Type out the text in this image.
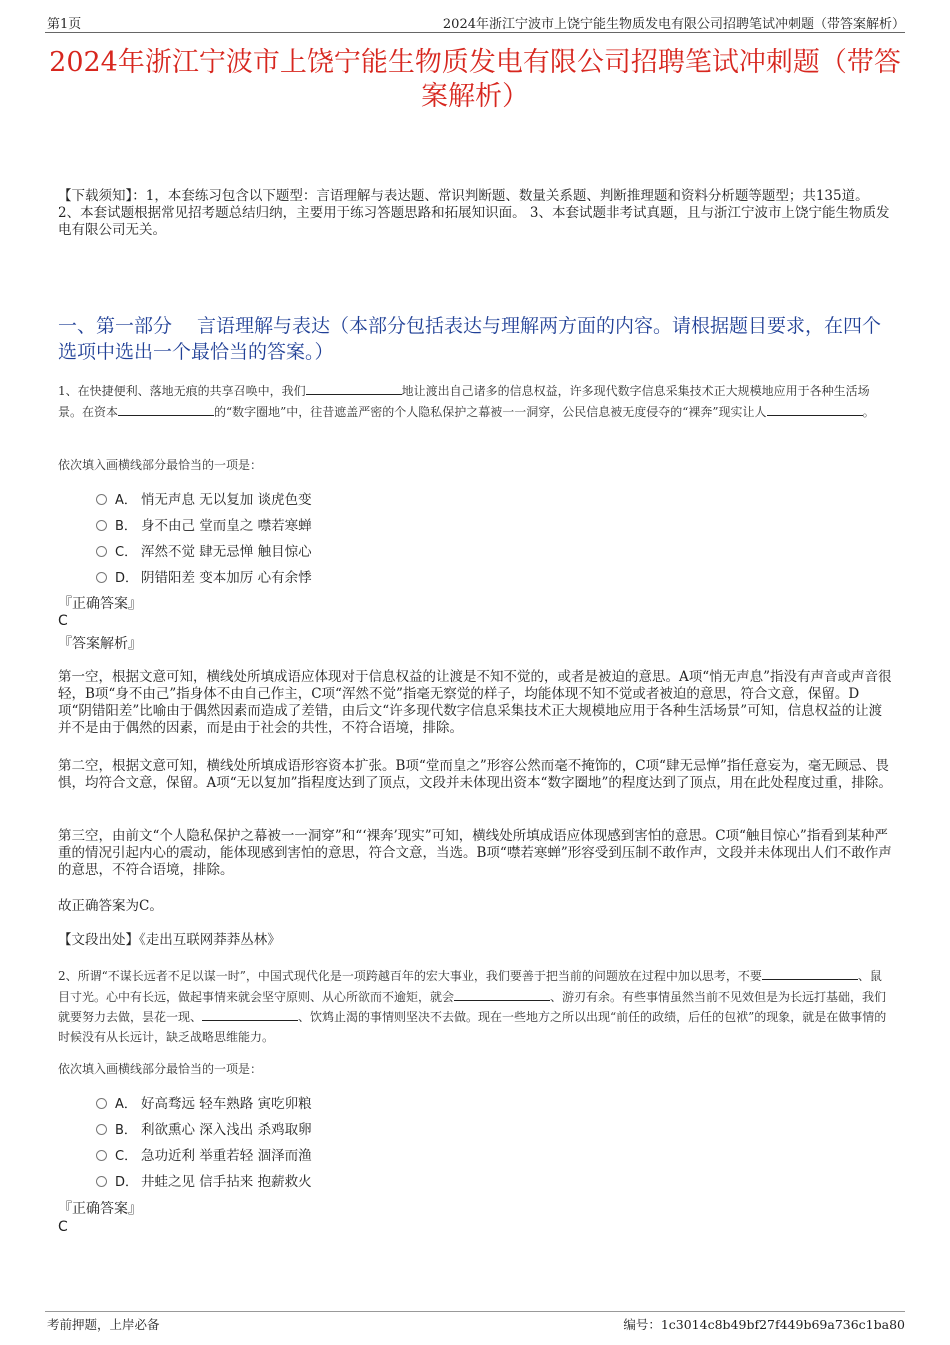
第1页	2024年浙江宁波市上饶宁能生物质发电有限公司招聘笔试冲刺题（带答案解析）
2024年浙江宁波市上饶宁能生物质发电有限公司招聘笔试冲刺题（带答案解析）

【下载须知】：1，本套练习包含以下题型：言语理解与表达题、常识判断题、数量关系题、判断推理题和资料分析题等题型；共135道。 2、本套试题根据常见招考题总结归纳，主要用于练习答题思路和拓展知识面。 3、本套试题非考试真题，且与浙江宁波市上饶宁能生物质发电有限公司无关。

一、第一部分　 言语理解与表达（本部分包括表达与理解两方面的内容。请根据题目要求，在四个选项中选出一个最恰当的答案。）

1、在快捷便利、落地无痕的共享召唤中，我们	地让渡出自己诸多的信息权益，许多现代数字信息采集技术正大规模地应用于各种生活场景。在资本	的“数字圈地”中，往昔遮盖严密的个人隐私保护之幕被一一洞穿，公民信息被无度侵夺的“裸奔”现实让人	。

依次填入画横线部分最恰当的一项是：

A． 悄无声息 无以复加 谈虎色变
B． 身不由己 堂而皇之 噤若寒蝉
C． 浑然不觉 肆无忌惮 触目惊心
D． 阴错阳差 变本加厉 心有余悸
『正确答案』
C
『答案解析』

第一空，根据文意可知，横线处所填成语应体现对于信息权益的让渡是不知不觉的，或者是被迫的意思。A项“悄无声息”指没有声音或声音很轻，B项“身不由己”指身体不由自己作主，C项“浑然不觉”指毫无察觉的样子，均能体现不知不觉或者被迫的意思，符合文意，保留。D项“阴错阳差”比喻由于偶然因素而造成了差错，由后文“许多现代数字信息采集技术正大规模地应用于各种生活场景”可知，信息权益的让渡并不是由于偶然的因素，而是由于社会的共性，不符合语境，排除。

第二空，根据文意可知，横线处所填成语形容资本扩张。B项“堂而皇之”形容公然而毫不掩饰的，C项“肆无忌惮”指任意妄为，毫无顾忌、畏惧，均符合文意，保留。A项“无以复加”指程度达到了顶点，文段并未体现出资本“数字圈地”的程度达到了顶点，用在此处程度过重，排除。

第三空，由前文“个人隐私保护之幕被一一洞穿”和“‘裸奔’现实”可知，横线处所填成语应体现感到害怕的意思。C项“触目惊心”指看到某种严重的情况引起内心的震动，能体现感到害怕的意思，符合文意，当选。B项“噤若寒蝉”形容受到压制不敢作声，文段并未体现出人们不敢作声的意思，不符合语境，排除。

故正确答案为C。

【文段出处】《走出互联网莽莽丛林》

2、所谓“不谋长远者不足以谋一时”，中国式现代化是一项跨越百年的宏大事业，我们要善于把当前的问题放在过程中加以思考，不要	、鼠目寸光。心中有长远，做起事情来就会坚守原则、从心所欲而不逾矩，就会	、游刃有余。有些事情虽然当前不见效但是为长远打基础，我们就要努力去做，昙花一现、	、饮鸩止渴的事情则坚决不去做。现在一些地方之所以出现“前任的政绩，后任的包袱”的现象，就是在做事情的时候没有从长远计，缺乏战略思维能力。

依次填入画横线部分最恰当的一项是：

A． 好高骛远 轻车熟路 寅吃卯粮
B． 利欲熏心 深入浅出 杀鸡取卵
C． 急功近利 举重若轻 涸泽而渔
D． 井蛙之见 信手拈来 抱薪救火
『正确答案』
C
考前押题，上岸必备	编号：1c3014c8b49bf27f449b69a736c1ba80
